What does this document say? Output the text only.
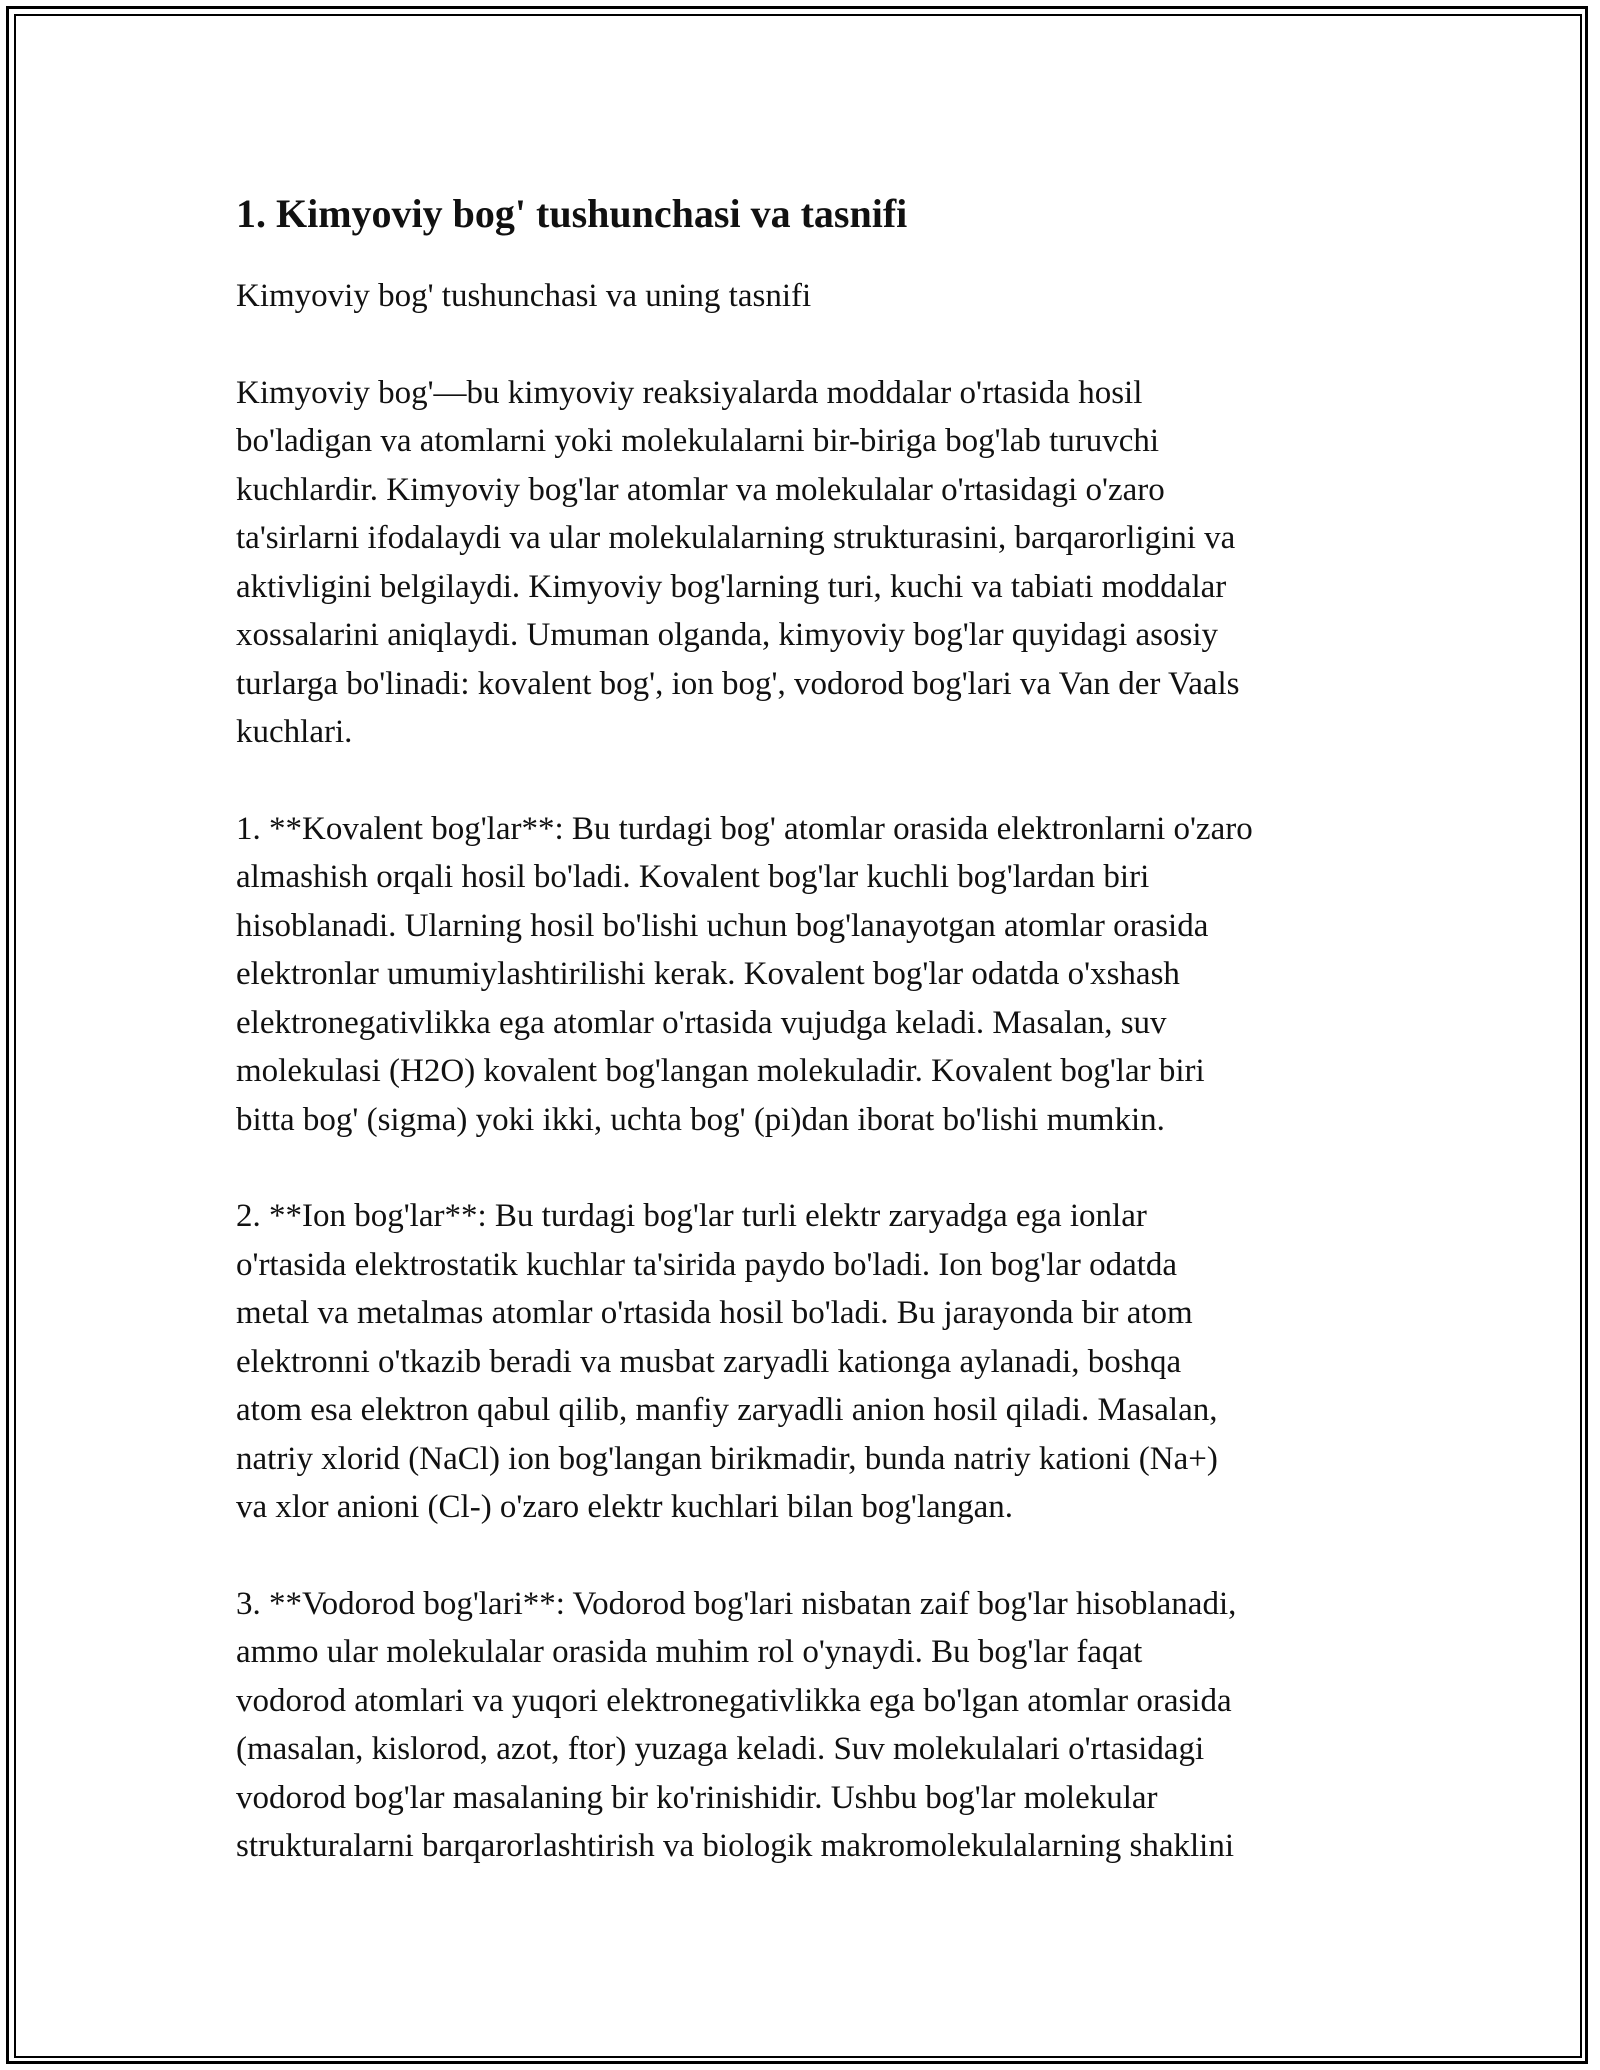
1. Kimyoviy bog' tushunchasi va tasnifi

Kimyoviy bog' tushunchasi va uning tasnifi

Kimyoviy bog'—bu kimyoviy reaksiyalarda moddalar o'rtasida hosil
bo'ladigan va atomlarni yoki molekulalarni bir-biriga bog'lab turuvchi
kuchlardir. Kimyoviy bog'lar atomlar va molekulalar o'rtasidagi o'zaro
ta'sirlarni ifodalaydi va ular molekulalarning strukturasini, barqarorligini va
aktivligini belgilaydi. Kimyoviy bog'larning turi, kuchi va tabiati moddalar
xossalarini aniqlaydi. Umuman olganda, kimyoviy bog'lar quyidagi asosiy
turlarga bo'linadi: kovalent bog', ion bog', vodorod bog'lari va Van der Vaals
kuchlari.

1. **Kovalent bog'lar**: Bu turdagi bog' atomlar orasida elektronlarni o'zaro
almashish orqali hosil bo'ladi. Kovalent bog'lar kuchli bog'lardan biri
hisoblanadi. Ularning hosil bo'lishi uchun bog'lanayotgan atomlar orasida
elektronlar umumiylashtirilishi kerak. Kovalent bog'lar odatda o'xshash
elektronegativlikka ega atomlar o'rtasida vujudga keladi. Masalan, suv
molekulasi (H2O) kovalent bog'langan molekuladir. Kovalent bog'lar biri
bitta bog' (sigma) yoki ikki, uchta bog' (pi)dan iborat bo'lishi mumkin.

2. **Ion bog'lar**: Bu turdagi bog'lar turli elektr zaryadga ega ionlar
o'rtasida elektrostatik kuchlar ta'sirida paydo bo'ladi. Ion bog'lar odatda
metal va metalmas atomlar o'rtasida hosil bo'ladi. Bu jarayonda bir atom
elektronni o'tkazib beradi va musbat zaryadli kationga aylanadi, boshqa
atom esa elektron qabul qilib, manfiy zaryadli anion hosil qiladi. Masalan,
natriy xlorid (NaCl) ion bog'langan birikmadir, bunda natriy kationi (Na+)
va xlor anioni (Cl-) o'zaro elektr kuchlari bilan bog'langan.

3. **Vodorod bog'lari**: Vodorod bog'lari nisbatan zaif bog'lar hisoblanadi,
ammo ular molekulalar orasida muhim rol o'ynaydi. Bu bog'lar faqat
vodorod atomlari va yuqori elektronegativlikka ega bo'lgan atomlar orasida
(masalan, kislorod, azot, ftor) yuzaga keladi. Suv molekulalari o'rtasidagi
vodorod bog'lar masalaning bir ko'rinishidir. Ushbu bog'lar molekular
strukturalarni barqarorlashtirish va biologik makromolekulalarning shaklini
